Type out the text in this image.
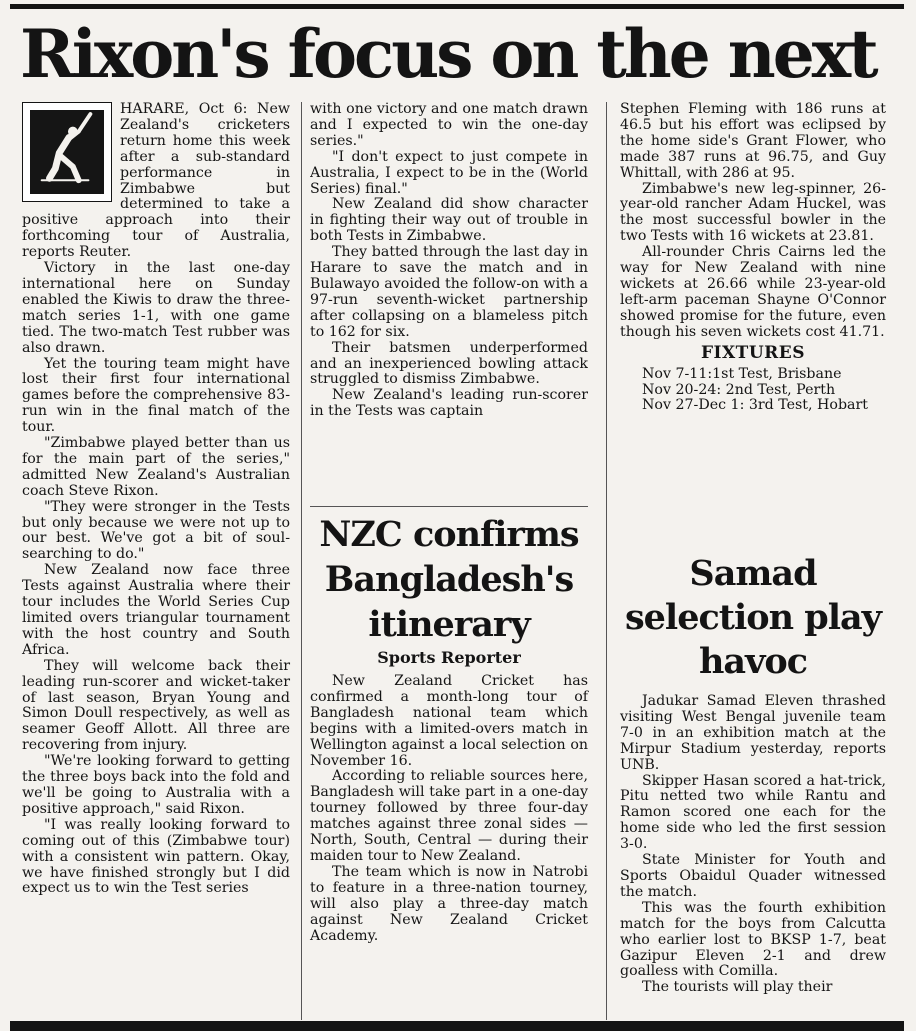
Rixon's focus on the next

HARARE, Oct 6: New Zealand's cricketers return home this week after a sub-standard performance in Zimbabwe but determined to take a positive approach into their forthcoming tour of Australia, reports Reuter.

Victory in the last one-day international here on Sunday enabled the Kiwis to draw the three-match series 1-1, with one game tied. The two-match Test rubber was also drawn.

Yet the touring team might have lost their first four international games before the comprehensive 83-run win in the final match of the tour.

"Zimbabwe played better than us for the main part of the series," admitted New Zealand's Australian coach Steve Rixon.

"They were stronger in the Tests but only because we were not up to our best. We've got a bit of soul-searching to do."

New Zealand now face three Tests against Australia where their tour includes the World Series Cup limited overs triangular tournament with the host country and South Africa.

They will welcome back their leading run-scorer and wicket-taker of last season, Bryan Young and Simon Doull respectively, as well as seamer Geoff Allott. All three are recovering from injury.

"We're looking forward to getting the three boys back into the fold and we'll be going to Australia with a positive approach," said Rixon.

"I was really looking forward to coming out of this (Zimbabwe tour) with a consistent win pattern. Okay, we have finished strongly but I did expect us to win the Test series

with one victory and one match drawn and I expected to win the one-day series."

"I don't expect to just compete in Australia, I expect to be in the (World Series) final."

New Zealand did show character in fighting their way out of trouble in both Tests in Zimbabwe.

They batted through the last day in Harare to save the match and in Bulawayo avoided the follow-on with a 97-run seventh-wicket partnership after collapsing on a blameless pitch to 162 for six.

Their batsmen underperformed and an inexperienced bowling attack struggled to dismiss Zimbabwe.

New Zealand's leading run-scorer in the Tests was captain

NZC confirms Bangladesh's itinerary
Sports Reporter

New Zealand Cricket has confirmed a month-long tour of Bangladesh national team which begins with a limited-overs match in Wellington against a local selection on November 16.

According to reliable sources here, Bangladesh will take part in a one-day tourney followed by three four-day matches against three zonal sides — North, South, Central — during their maiden tour to New Zealand.

The team which is now in Natrobi to feature in a three-nation tourney, will also play a three-day match against New Zealand Cricket Academy.

Stephen Fleming with 186 runs at 46.5 but his effort was eclipsed by the home side's Grant Flower, who made 387 runs at 96.75, and Guy Whittall, with 286 at 95.

Zimbabwe's new leg-spinner, 26-year-old rancher Adam Huckel, was the most successful bowler in the two Tests with 16 wickets at 23.81.

All-rounder Chris Cairns led the way for New Zealand with nine wickets at 26.66 while 23-year-old left-arm paceman Shayne O'Connor showed promise for the future, even though his seven wickets cost 41.71.

FIXTURES

Nov 7-11:1st Test, Brisbane

Nov 20-24: 2nd Test, Perth

Nov 27-Dec 1: 3rd Test, Hobart

Samad selection play havoc

Jadukar Samad Eleven thrashed visiting West Bengal juvenile team 7-0 in an exhibition match at the Mirpur Stadium yesterday, reports UNB.

Skipper Hasan scored a hat-trick, Pitu netted two while Rantu and Ramon scored one each for the home side who led the first session 3-0.

State Minister for Youth and Sports Obaidul Quader witnessed the match.

This was the fourth exhibition match for the boys from Calcutta who earlier lost to BKSP 1-7, beat Gazipur Eleven 2-1 and drew goalless with Comilla.

The tourists will play their
